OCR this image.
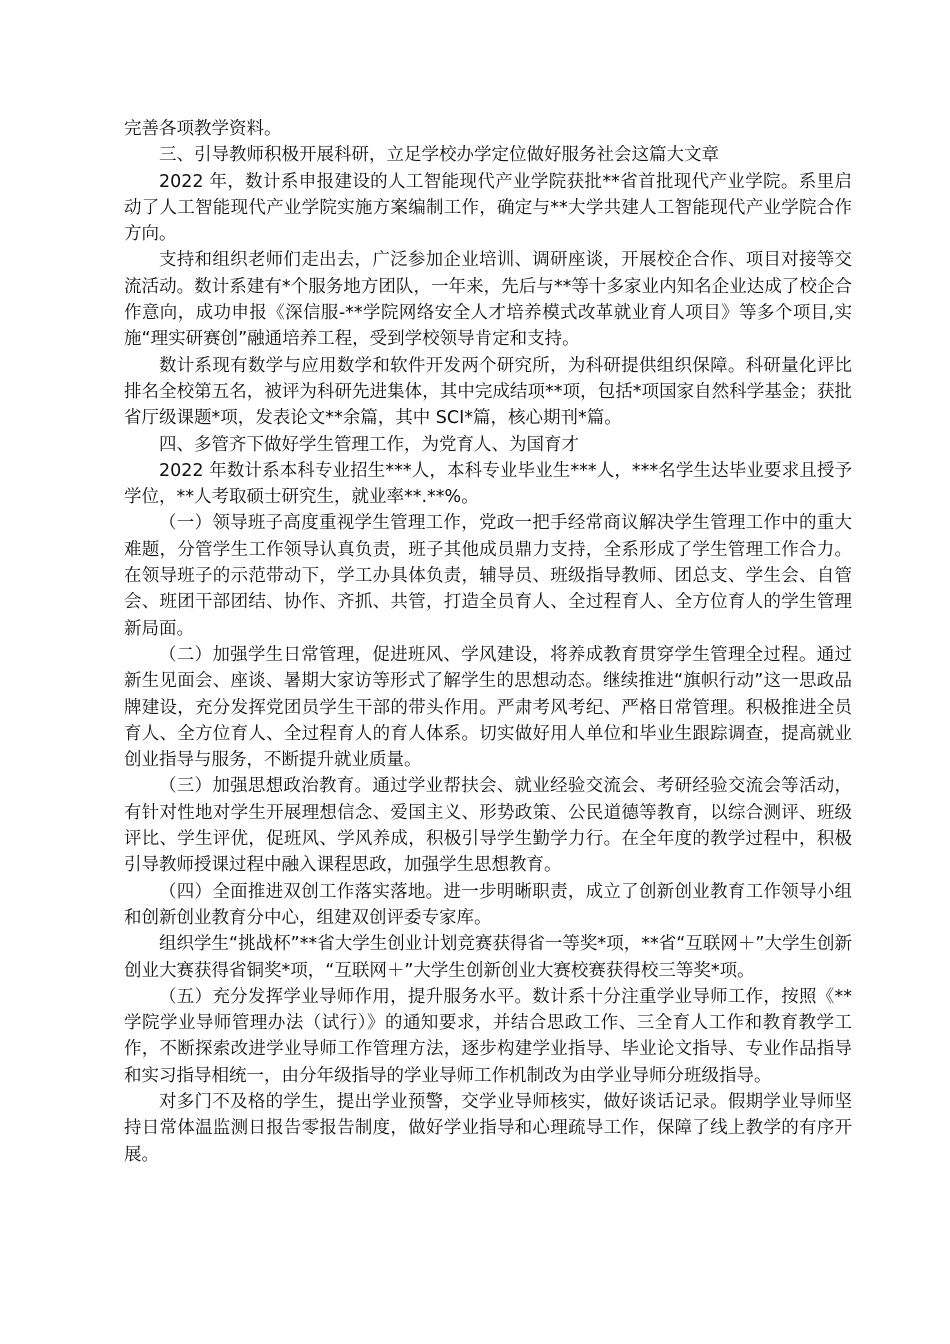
完善各项教学资料。

三、引导教师积极开展科研，立足学校办学定位做好服务社会这篇大文章

2022 年，数计系申报建设的人工智能现代产业学院获批**省首批现代产业学院。系里启动了人工智能现代产业学院实施方案编制工作，确定与**大学共建人工智能现代产业学院合作方向。

支持和组织老师们走出去，广泛参加企业培训、调研座谈，开展校企合作、项目对接等交流活动。数计系建有*个服务地方团队，一年来，先后与**等十多家业内知名企业达成了校企合作意向，成功申报《深信服-**学院网络安全人才培养模式改革就业育人项目》等多个项目,实施“理实研赛创”融通培养工程，受到学校领导肯定和支持。

数计系现有数学与应用数学和软件开发两个研究所，为科研提供组织保障。科研量化评比排名全校第五名，被评为科研先进集体，其中完成结项**项，包括*项国家自然科学基金；获批省厅级课题*项，发表论文**余篇，其中 SCI*篇，核心期刊*篇。

四、多管齐下做好学生管理工作，为党育人、为国育才

2022 年数计系本科专业招生***人，本科专业毕业生***人，***名学生达毕业要求且授予学位，**人考取硕士研究生，就业率**.**%。

（一）领导班子高度重视学生管理工作，党政一把手经常商议解决学生管理工作中的重大难题，分管学生工作领导认真负责，班子其他成员鼎力支持，全系形成了学生管理工作合力。在领导班子的示范带动下，学工办具体负责，辅导员、班级指导教师、团总支、学生会、自管会、班团干部团结、协作、齐抓、共管，打造全员育人、全过程育人、全方位育人的学生管理新局面。

（二）加强学生日常管理，促进班风、学风建设，将养成教育贯穿学生管理全过程。通过新生见面会、座谈、暑期大家访等形式了解学生的思想动态。继续推进“旗帜行动”这一思政品牌建设，充分发挥党团员学生干部的带头作用。严肃考风考纪、严格日常管理。积极推进全员育人、全方位育人、全过程育人的育人体系。切实做好用人单位和毕业生跟踪调查，提高就业创业指导与服务，不断提升就业质量。

（三）加强思想政治教育。通过学业帮扶会、就业经验交流会、考研经验交流会等活动，有针对性地对学生开展理想信念、爱国主义、形势政策、公民道德等教育，以综合测评、班级评比、学生评优，促班风、学风养成，积极引导学生勤学力行。在全年度的教学过程中，积极引导教师授课过程中融入课程思政，加强学生思想教育。

（四）全面推进双创工作落实落地。进一步明晰职责，成立了创新创业教育工作领导小组和创新创业教育分中心，组建双创评委专家库。

组织学生“挑战杯”**省大学生创业计划竞赛获得省一等奖*项，**省“互联网＋”大学生创新创业大赛获得省铜奖*项，“互联网＋”大学生创新创业大赛校赛获得校三等奖*项。

（五）充分发挥学业导师作用，提升服务水平。数计系十分注重学业导师工作，按照《**学院学业导师管理办法（试行）》的通知要求，并结合思政工作、三全育人工作和教育教学工作，不断探索改进学业导师工作管理方法，逐步构建学业指导、毕业论文指导、专业作品指导和实习指导相统一，由分年级指导的学业导师工作机制改为由学业导师分班级指导。

对多门不及格的学生，提出学业预警，交学业导师核实，做好谈话记录。假期学业导师坚持日常体温监测日报告零报告制度，做好学业指导和心理疏导工作，保障了线上教学的有序开展。
